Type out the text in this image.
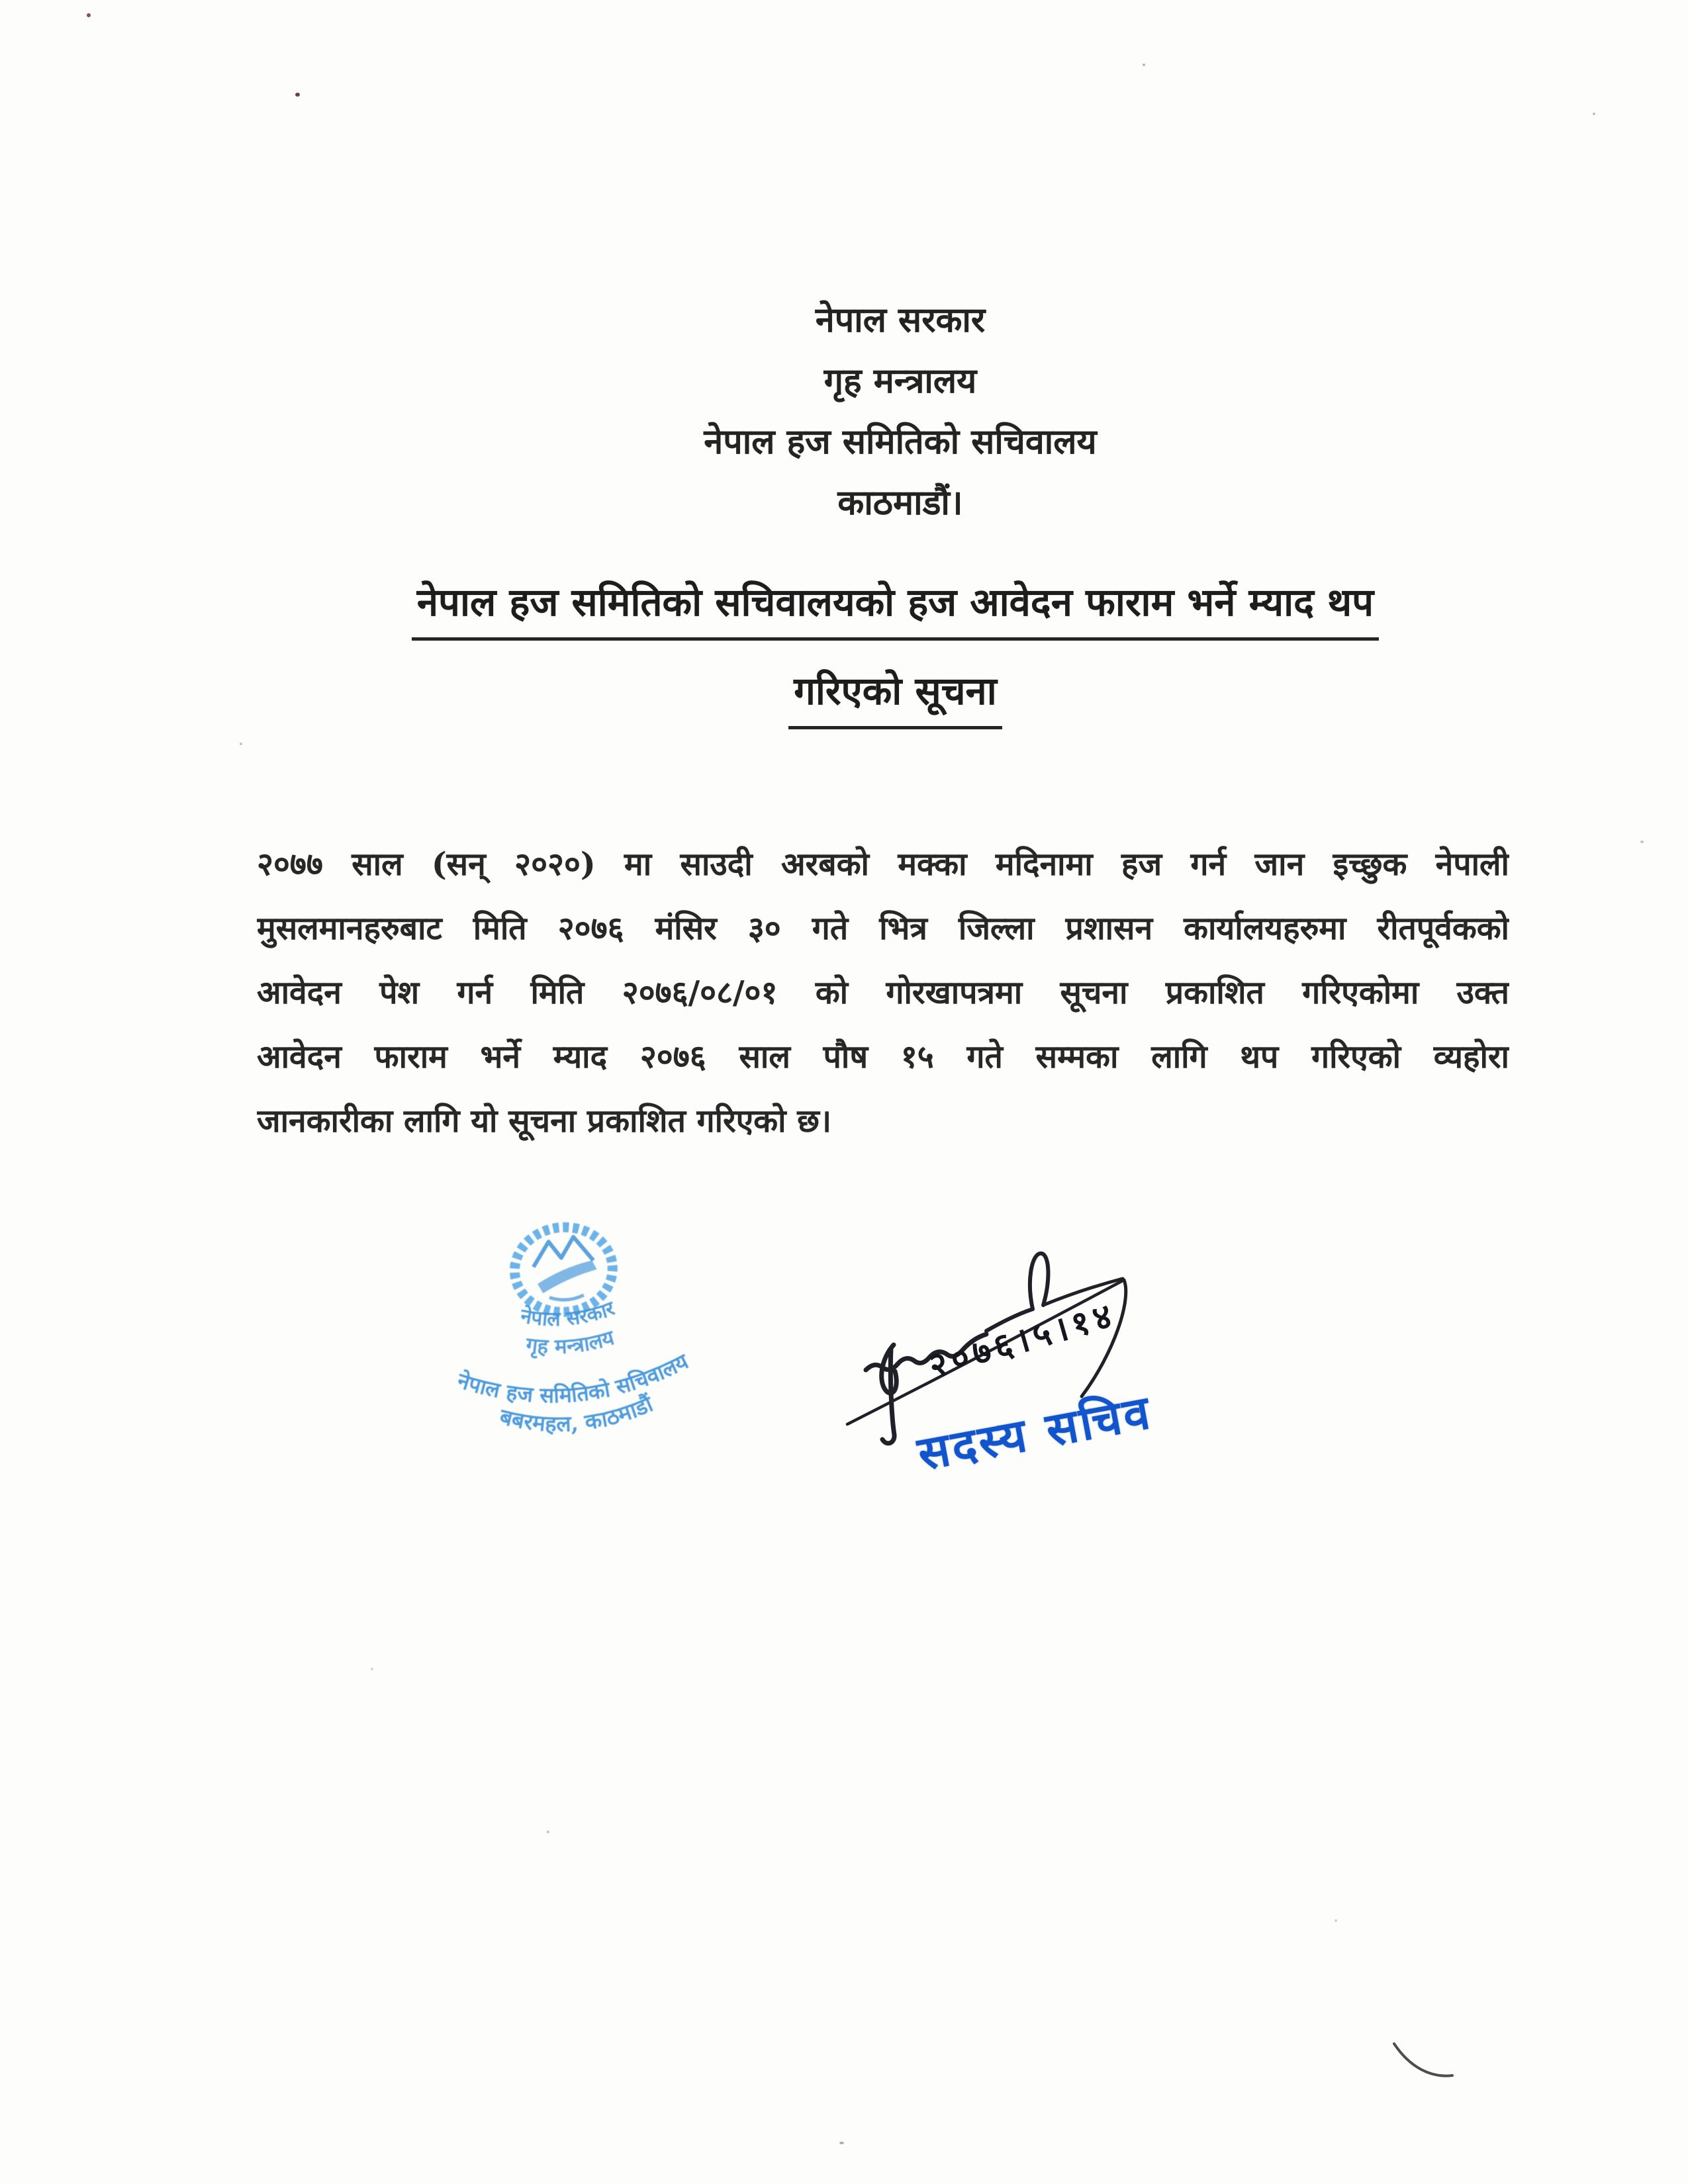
नेपाल सरकार
गृह मन्त्रालय
नेपाल हज समितिको सचिवालय
काठमाडौं।
नेपाल हज समितिको सचिवालयको हज आवेदन फाराम भर्ने म्याद थप
गरिएको सूचना
२०७७ साल (सन् २०२०) मा साउदी अरबको मक्का मदिनामा हज गर्न जान इच्छुक नेपाली
मुसलमानहरुबाट मिति २०७६ मंसिर ३० गते भित्र जिल्ला प्रशासन कार्यालयहरुमा रीतपूर्वकको
आवेदन पेश गर्न मिति २०७६/०८/०१ को गोरखापत्रमा सूचना प्रकाशित गरिएकोमा उक्त
आवेदन फाराम भर्ने म्याद २०७६ साल पौष १५ गते सम्मका लागि थप गरिएको व्यहोरा
जानकारीका लागि यो सूचना प्रकाशित गरिएको छ।
नेपाल सरकार
गृह मन्त्रालय
नेपाल हज समितिको सचिवालय
बबरमहल, काठमाडौं
२०७६।५।१४
सदस्य सचिव
